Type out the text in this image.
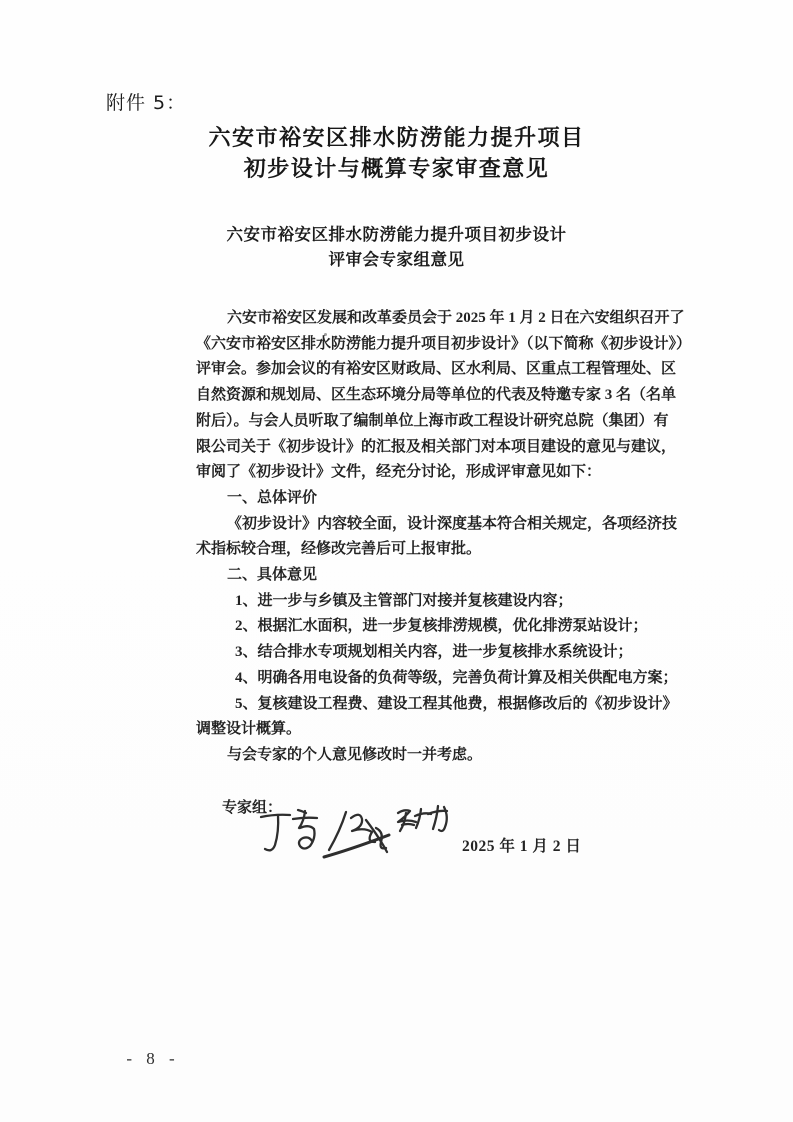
附件 5：
六安市裕安区排水防涝能力提升项目
初步设计与概算专家审查意见
六安市裕安区排水防涝能力提升项目初步设计
评审会专家组意见
六安市裕安区发展和改革委员会于 2025 年 1 月 2 日在六安组织召开了
《六安市裕安区排水防涝能力提升项目初步设计》（以下简称《初步设计》）
评审会。参加会议的有裕安区财政局、区水利局、区重点工程管理处、区
自然资源和规划局、区生态环境分局等单位的代表及特邀专家 3 名（名单
附后）。与会人员听取了编制单位上海市政工程设计研究总院（集团）有
限公司关于《初步设计》的汇报及相关部门对本项目建设的意见与建议，
审阅了《初步设计》文件，经充分讨论，形成评审意见如下：
一、总体评价
《初步设计》内容较全面，设计深度基本符合相关规定，各项经济技
术指标较合理，经修改完善后可上报审批。
二、具体意见
1、进一步与乡镇及主管部门对接并复核建设内容；
2、根据汇水面积，进一步复核排涝规模，优化排涝泵站设计；
3、结合排水专项规划相关内容，进一步复核排水系统设计；
4、明确各用电设备的负荷等级，完善负荷计算及相关供配电方案；
5、复核建设工程费、建设工程其他费，根据修改后的《初步设计》
调整设计概算。
与会专家的个人意见修改时一并考虑。
专家组：
2025 年 1 月 2 日
- 8 -
